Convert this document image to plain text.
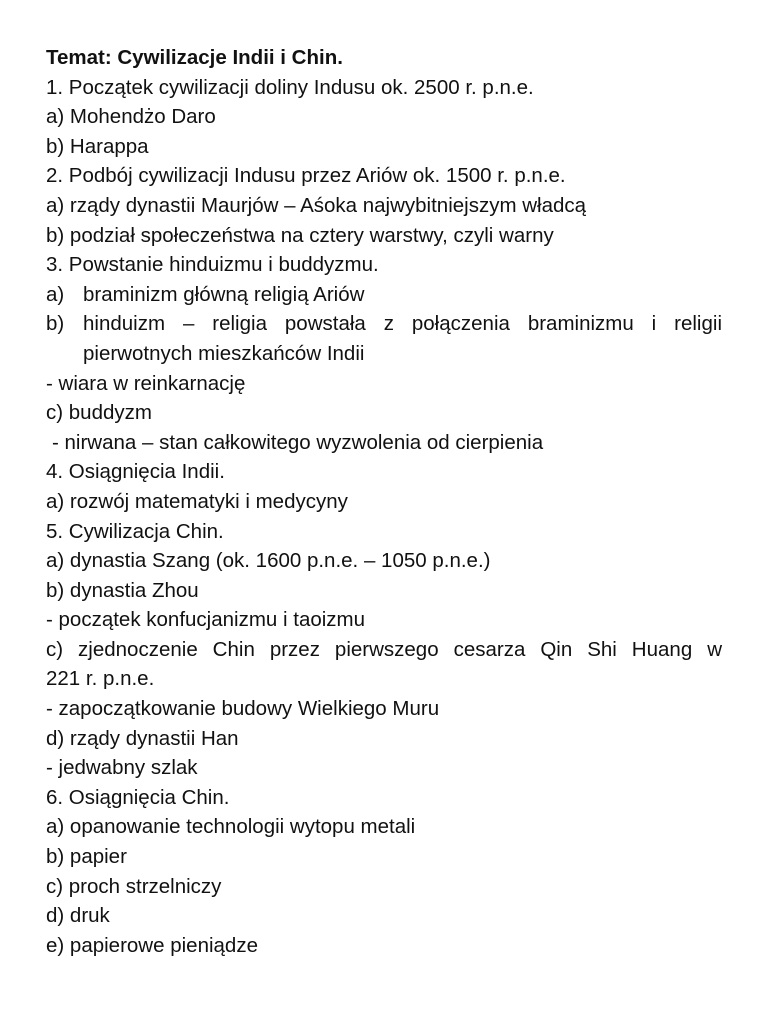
Temat: Cywilizacje Indii i Chin.
1. Początek cywilizacji doliny Indusu ok. 2500 r. p.n.e.
a) Mohendżo Daro
b) Harappa
2. Podbój cywilizacji Indusu przez Ariów ok. 1500 r. p.n.e.
a) rządy dynastii Maurjów – Aśoka najwybitniejszym władcą
b) podział społeczeństwa na cztery warstwy, czyli warny
3. Powstanie hinduizmu i buddyzmu.
a) braminizm główną religią Ariów
b) hinduizm – religia powstała z połączenia braminizmu i religii
pierwotnych mieszkańców Indii
- wiara w reinkarnację
c) buddyzm
- nirwana – stan całkowitego wyzwolenia od cierpienia
4. Osiągnięcia Indii.
a) rozwój matematyki i medycyny
5. Cywilizacja Chin.
a) dynastia Szang (ok. 1600 p.n.e. – 1050 p.n.e.)
b) dynastia Zhou
- początek konfucjanizmu i taoizmu
c) zjednoczenie Chin przez pierwszego cesarza Qin Shi Huang w
221 r. p.n.e.
- zapoczątkowanie budowy Wielkiego Muru
d) rządy dynastii Han
- jedwabny szlak
6. Osiągnięcia Chin.
a) opanowanie technologii wytopu metali
b) papier
c) proch strzelniczy
d) druk
e) papierowe pieniądze
